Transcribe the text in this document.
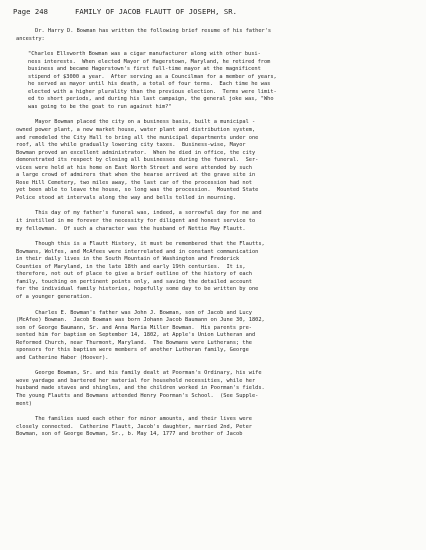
Page 248	FAMILY OF JACOB FLAUTT OF JOSEPH, SR.
Dr. Harry D. Bowman has written the following brief resume of his father's
ancestry:
"Charles Ellsworth Bowman was a cigar manufacturer along with other busi-
ness interests.  When elected Mayor of Hagerstown, Maryland, he retired from
business and became Hagerstown's first full-time mayor at the magnificent
stipend of $3000 a year.  After serving as a Councilman for a member of years,
he served as mayor until his death, a total of four terms.  Each time he was
elected with a higher plurality than the previous election.  Terms were limit-
ed to short periods, and during his last campaign, the general joke was, "Who
was going to be the goat to run against him?"
Mayor Bowman placed the city on a business basis, built a municipal -
owned power plant, a new market house, water plant and distribution system,
and remodeled the City Hall to bring all the municipal departments under one
roof, all the while gradually lowering city taxes.  Business-wise, Mayor
Bowman proved an excellent administrator.  When he died in office, the city
demonstrated its respect by closing all businesses during the funeral.  Ser-
vices were held at his home on East North Street and were attended by such
a large crowd of admirers that when the hearse arrived at the grave site in
Rose Hill Cemetery, two miles away, the last car of the procession had not
yet been able to leave the house, so long was the procession.  Mounted State
Police stood at intervals along the way and bells tolled in mourning.
This day of my father's funeral was, indeed, a sorrowful day for me and
it instilled in me forever the necessity for diligent and honest service to
my fellowman.  Of such a character was the husband of Nettie May Flautt.
Though this is a Flautt History, it must be remembered that the Flautts,
Bowmans, Wolfes, and McAfees were interrelated and in constant communication
in their daily lives in the South Mountain of Washington and Frederick
Counties of Maryland, in the late 18th and early 19th centuries.  It is,
therefore, not out of place to give a brief outline of the history of each
family, touching on pertinent points only, and saving the detailed account
for the individual family histories, hopefully some day to be written by one
of a younger generation.
Charles E. Bowman's father was John J. Bowman, son of Jacob and Lucy
(McAfee) Bowman.  Jacob Bowman was born Johann Jacob Baumann on June 30, 1802,
son of George Baumann, Sr. and Anna Maria Miller Bowman.  His parents pre-
sented him for baptism on September 14, 1802, at Apple's Union Lutheran and
Reformed Church, near Thurmont, Maryland.  The Bowmans were Lutherans; the
sponsors for this baptism were members of another Lutheran family, George
and Catherine Haber (Hoover).
George Bowman, Sr. and his family dealt at Poorman's Ordinary, his wife
wove yardage and bartered her material for household necessities, while her
husband made staves and shingles, and the children worked in Poorman's fields.
The young Flautts and Bowmans attended Henry Poorman's School.  (See Supple-
ment)
The families sued each other for minor amounts, and their lives were
closely connected.  Catherine Flautt, Jacob's daughter, married 2nd, Peter
Bowman, son of George Bowman, Sr., b. May 14, 1777 and brother of Jacob
